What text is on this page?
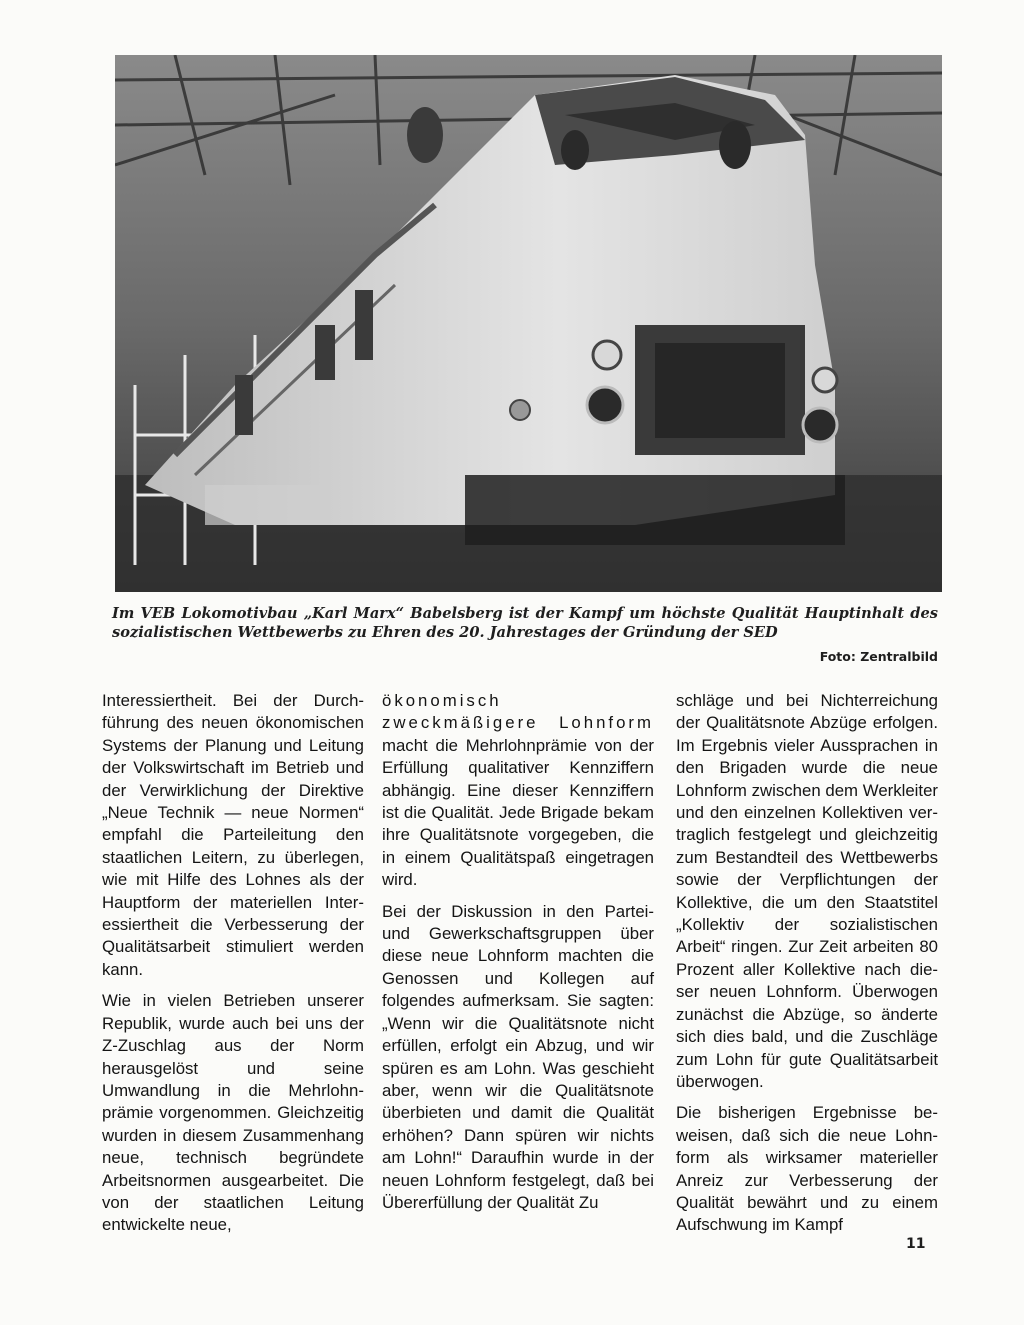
Im VEB Lokomotivbau „Karl Marx“ Babelsberg ist der Kampf um höchste Qualität Hauptinhalt des sozialistischen Wettbewerbs zu Ehren des 20. Jahrestages der Gründung der SED
Foto: Zentralbild

Interessiertheit. Bei der Durchführung des neuen ökonomischen Systems der Planung und Leitung der Volkswirtschaft im Betrieb und der Verwirklichung der Direktive „Neue Technik — neue Normen“ empfahl die Parteileitung den staatlichen Leitern, zu überlegen, wie mit Hilfe des Lohnes als der Hauptform der materiellen Interessiertheit die Verbesserung der Qualitätsarbeit stimuliert werden kann.

Wie in vielen Betrieben unserer Republik, wurde auch bei uns der Z-Zuschlag aus der Norm herausgelöst und seine Umwandlung in die Mehrlohnprämie vorgenommen. Gleichzeitig wurden in diesem Zusammenhang neue, technisch begründete Arbeitsnormen ausgearbeitet. Die von der staatlichen Leitung entwickelte neue,

ökonomisch zweckmäßigere Lohnform macht die Mehrlohnprämie von der Erfüllung qualitativer Kennziffern abhängig. Eine dieser Kennziffern ist die Qualität. Jede Brigade bekam ihre Qualitätsnote vorgegeben, die in einem Qualitätspaß eingetragen wird.

Bei der Diskussion in den Partei- und Gewerkschaftsgruppen über diese neue Lohnform machten die Genossen und Kollegen auf folgendes aufmerksam. Sie sagten: „Wenn wir die Qualitätsnote nicht erfüllen, erfolgt ein Abzug, und wir spüren es am Lohn. Was geschieht aber, wenn wir die Qualitätsnote überbieten und damit die Qualität erhöhen? Dann spüren wir nichts am Lohn!“ Daraufhin wurde in der neuen Lohnform festgelegt, daß bei Übererfüllung der Qualität Zu

schläge und bei Nichterreichung der Qualitätsnote Abzüge erfolgen. Im Ergebnis vieler Aussprachen in den Brigaden wurde die neue Lohnform zwischen dem Werkleiter und den einzelnen Kollektiven vertraglich festgelegt und gleichzeitig zum Bestandteil des Wettbewerbs sowie der Verpflichtungen der Kollektive, die um den Staatstitel „Kollektiv der sozialistischen Arbeit“ ringen. Zur Zeit arbeiten 80 Prozent aller Kollektive nach dieser neuen Lohnform. Überwogen zunächst die Abzüge, so änderte sich dies bald, und die Zuschläge zum Lohn für gute Qualitätsarbeit überwogen.

Die bisherigen Ergebnisse beweisen, daß sich die neue Lohnform als wirksamer materieller Anreiz zur Verbesserung der Qualität bewährt und zu einem Aufschwung im Kampf

11
